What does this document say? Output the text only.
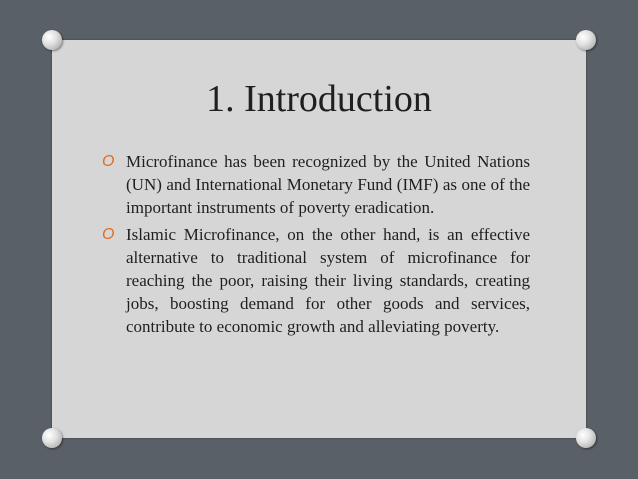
1. Introduction
O Microfinance has been recognized by the United Nations (UN) and International Monetary Fund (IMF) as one of the important instruments of poverty eradication.
O Islamic Microfinance, on the other hand, is an effective alternative to traditional system of microfinance for reaching the poor, raising their living standards, creating jobs, boosting demand for other goods and services, contribute to economic growth and alleviating poverty.
